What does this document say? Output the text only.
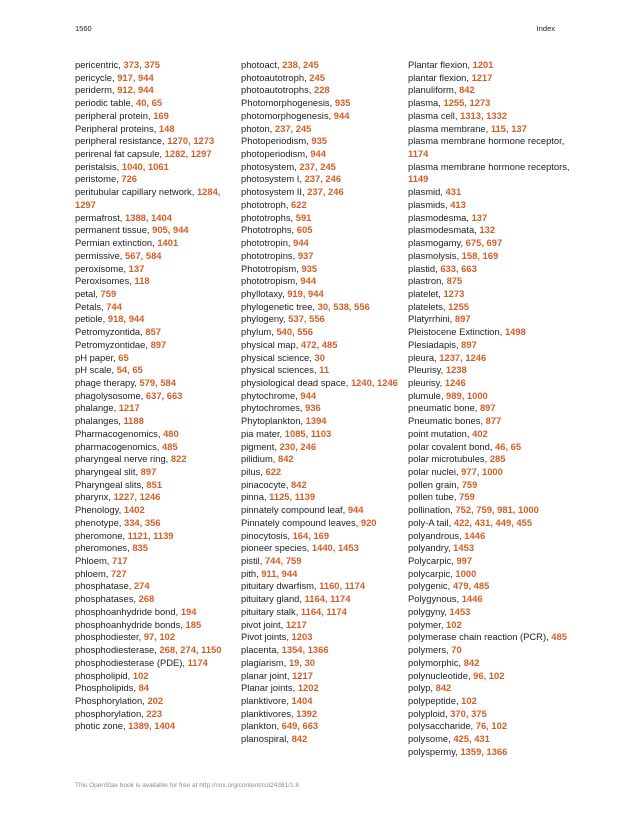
1560	Index

pericentric, 373, 375

pericycle, 917, 944

periderm, 912, 944

periodic table, 40, 65

peripheral protein, 169

Peripheral proteins, 148

peripheral resistance, 1270, 1273

perirenal fat capsule, 1282, 1297

peristalsis, 1040, 1061

peristome, 726

peritubular capillary network, 1284, 1297

permafrost, 1388, 1404

permanent tissue, 905, 944

Permian extinction, 1401

permissive, 567, 584

peroxisome, 137

Peroxisomes, 118

petal, 759

Petals, 744

petiole, 918, 944

Petromyzontida, 857

Petromyzontidae, 897

pH paper, 65

pH scale, 54, 65

phage therapy, 579, 584

phagolysosome, 637, 663

phalange, 1217

phalanges, 1188

Pharmacogenomics, 480

pharmacogenomics, 485

pharyngeal nerve ring, 822

pharyngeal slit, 897

Pharyngeal slits, 851

pharynx, 1227, 1246

Phenology, 1402

phenotype, 334, 356

pheromone, 1121, 1139

pheromones, 835

Phloem, 717

phloem, 727

phosphatase, 274

phosphatases, 268

phosphoanhydride bond, 194

phosphoanhydride bonds, 185

phosphodiester, 97, 102

phosphodiesterase, 268, 274, 1150

phosphodiesterase (PDE), 1174

phospholipid, 102

Phospholipids, 84

Phosphorylation, 202

phosphorylation, 223

photic zone, 1389, 1404

photoact, 238, 245

photoautotroph, 245

photoautotrophs, 228

Photomorphogenesis, 935

photomorphogenesis, 944

photon, 237, 245

Photoperiodism, 935

photoperiodism, 944

photosystem, 237, 245

photosystem I, 237, 246

photosystem II, 237, 246

phototroph, 622

phototrophs, 591

Phototrophs, 605

phototropin, 944

phototropins, 937

Phototropism, 935

phototropism, 944

phyllotaxy, 919, 944

phylogenetic tree, 30, 538, 556

phylogeny, 537, 556

phylum, 540, 556

physical map, 472, 485

physical science, 30

physical sciences, 11

physiological dead space, 1240, 1246

phytochrome, 944

phytochromes, 936

Phytoplankton, 1394

pia mater, 1085, 1103

pigment, 230, 246

pilidium, 842

pilus, 622

pinacocyte, 842

pinna, 1125, 1139

pinnately compound leaf, 944

Pinnately compound leaves, 920

pinocytosis, 164, 169

pioneer species, 1440, 1453

pistil, 744, 759

pith, 911, 944

pituitary dwarfism, 1160, 1174

pituitary gland, 1164, 1174

pituitary stalk, 1164, 1174

pivot joint, 1217

Pivot joints, 1203

placenta, 1354, 1366

plagiarism, 19, 30

planar joint, 1217

Planar joints, 1202

planktivore, 1404

planktivores, 1392

plankton, 649, 663

planospiral, 842

Plantar flexion, 1201

plantar flexion, 1217

planuliform, 842

plasma, 1255, 1273

plasma cell, 1313, 1332

plasma membrane, 115, 137

plasma membrane hormone receptor, 1174

plasma membrane hormone receptors, 1149

plasmid, 431

plasmids, 413

plasmodesma, 137

plasmodesmata, 132

plasmogamy, 675, 697

plasmolysis, 158, 169

plastid, 633, 663

plastron, 875

platelet, 1273

platelets, 1255

Platyrrhini, 897

Pleistocene Extinction, 1498

Plesiadapis, 897

pleura, 1237, 1246

Pleurisy, 1238

pleurisy, 1246

plumule, 989, 1000

pneumatic bone, 897

Pneumatic bones, 877

point mutation, 402

polar covalent bond, 46, 65

polar microtubules, 285

polar nuclei, 977, 1000

pollen grain, 759

pollen tube, 759

pollination, 752, 759, 981, 1000

poly-A tail, 422, 431, 449, 455

polyandrous, 1446

polyandry, 1453

Polycarpic, 997

polycarpic, 1000

polygenic, 479, 485

Polygynous, 1446

polygyny, 1453

polymer, 102

polymerase chain reaction (PCR), 485

polymers, 70

polymorphic, 842

polynucleotide, 96, 102

polyp, 842

polypeptide, 102

polyploid, 370, 375

polysaccharide, 76, 102

polysome, 425, 431

polyspermy, 1359, 1366

This OpenStax book is available for free at http://cnx.org/content/col24361/1.8
